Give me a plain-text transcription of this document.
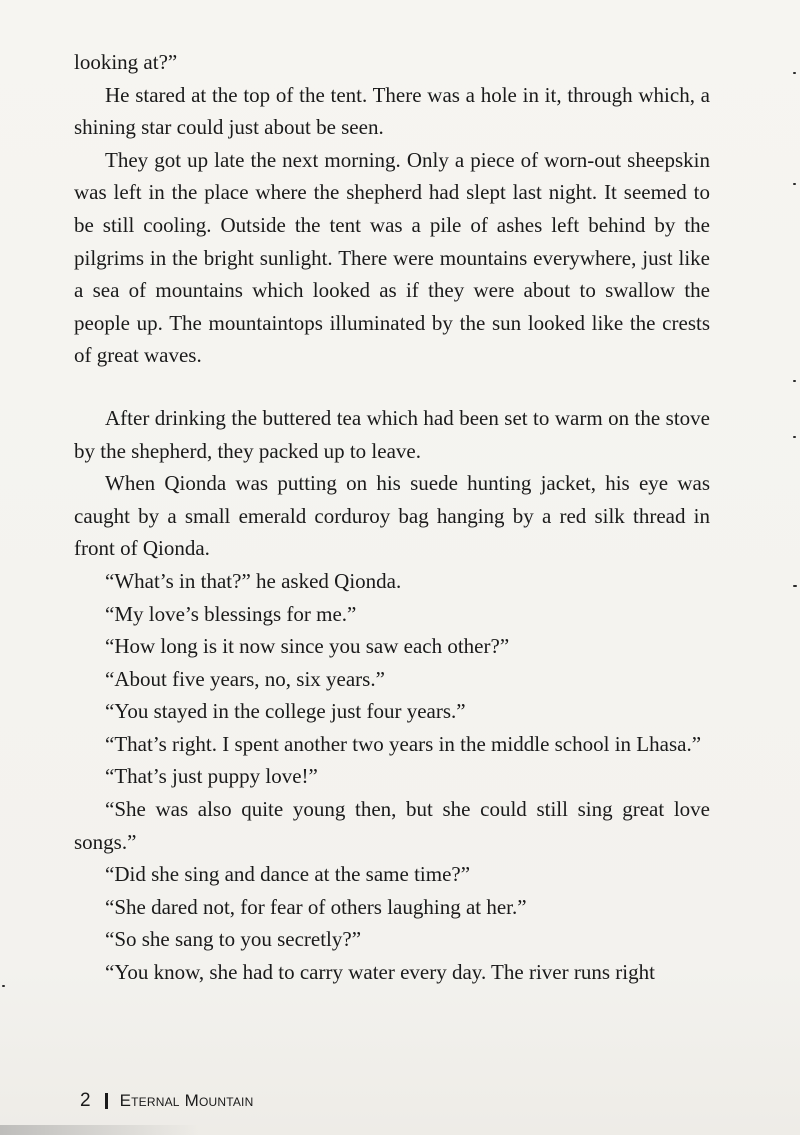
looking at?”

He stared at the top of the tent. There was a hole in it, through which, a shining star could just about be seen.

They got up late the next morning. Only a piece of worn-out sheepskin was left in the place where the shepherd had slept last night. It seemed to be still cooling. Outside the tent was a pile of ashes left behind by the pilgrims in the bright sunlight. There were mountains everywhere, just like a sea of mountains which looked as if they were about to swallow the people up. The mountaintops illuminated by the sun looked like the crests of great waves.

After drinking the buttered tea which had been set to warm on the stove by the shepherd, they packed up to leave.

When Qionda was putting on his suede hunting jacket, his eye was caught by a small emerald corduroy bag hanging by a red silk thread in front of Qionda.

“What’s in that?” he asked Qionda.

“My love’s blessings for me.”

“How long is it now since you saw each other?”

“About five years, no, six years.”

“You stayed in the college just four years.”

“That’s right. I spent another two years in the middle school in Lhasa.”

“That’s just puppy love!”

“She was also quite young then, but she could still sing great love songs.”

“Did she sing and dance at the same time?”

“She dared not, for fear of others laughing at her.”

“So she sang to you secretly?”

“You know, she had to carry water every day. The river runs right

2 Eternal Mountain
